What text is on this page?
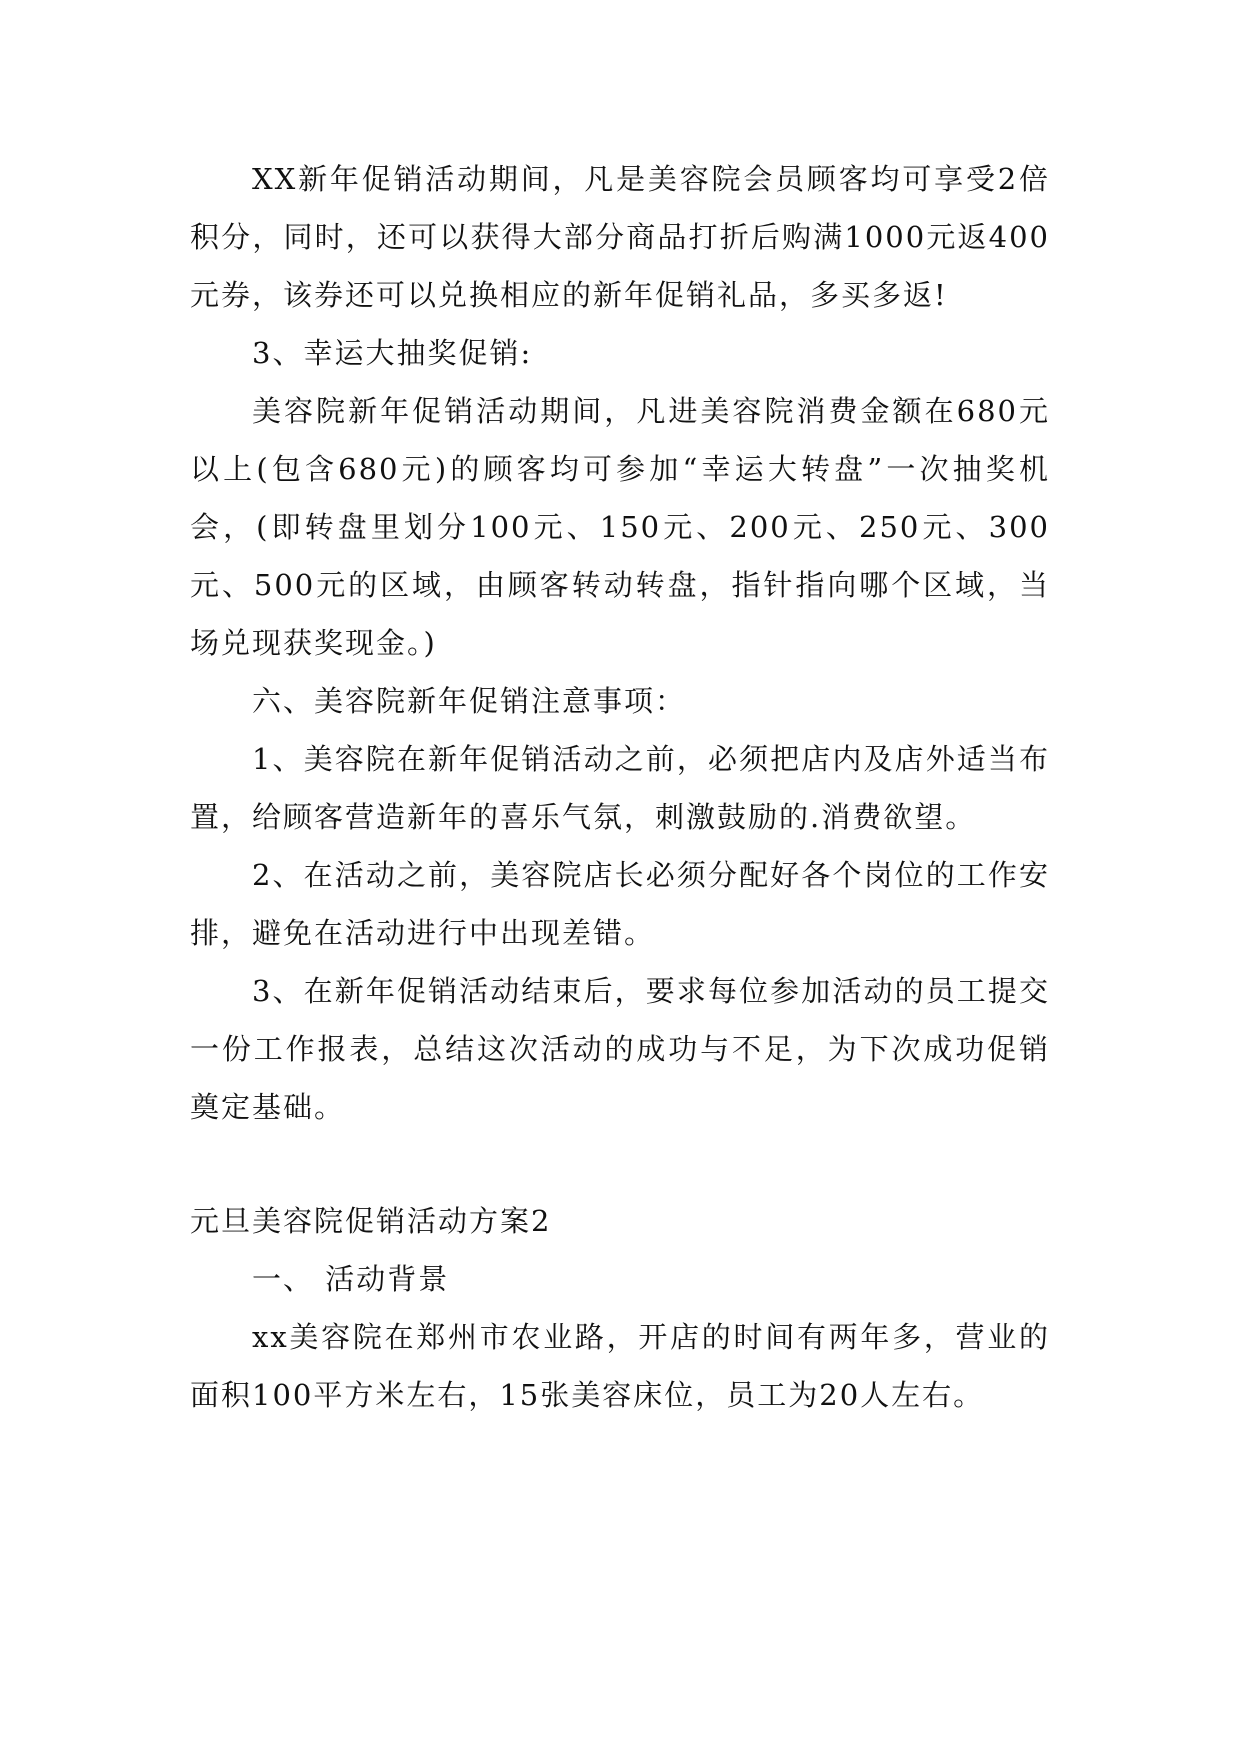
XX新年促销活动期间，凡是美容院会员顾客均可享受2倍积分，同时，还可以获得大部分商品打折后购满1000元返400元券，该券还可以兑换相应的新年促销礼品，多买多返!

3、幸运大抽奖促销:

美容院新年促销活动期间，凡进美容院消费金额在680元以上(包含680元)的顾客均可参加“幸运大转盘”一次抽奖机会，(即转盘里划分100元、150元、200元、250元、300元、500元的区域，由顾客转动转盘，指针指向哪个区域，当场兑现获奖现金。)

六、美容院新年促销注意事项：

1、美容院在新年促销活动之前，必须把店内及店外适当布置，给顾客营造新年的喜乐气氛，刺激鼓励的.消费欲望。

2、在活动之前，美容院店长必须分配好各个岗位的工作安排，避免在活动进行中出现差错。

3、在新年促销活动结束后，要求每位参加活动的员工提交一份工作报表，总结这次活动的成功与不足，为下次成功促销奠定基础。

元旦美容院促销活动方案2

一、 活动背景

xx美容院在郑州市农业路，开店的时间有两年多，营业的面积100平方米左右，15张美容床位，员工为20人左右。
